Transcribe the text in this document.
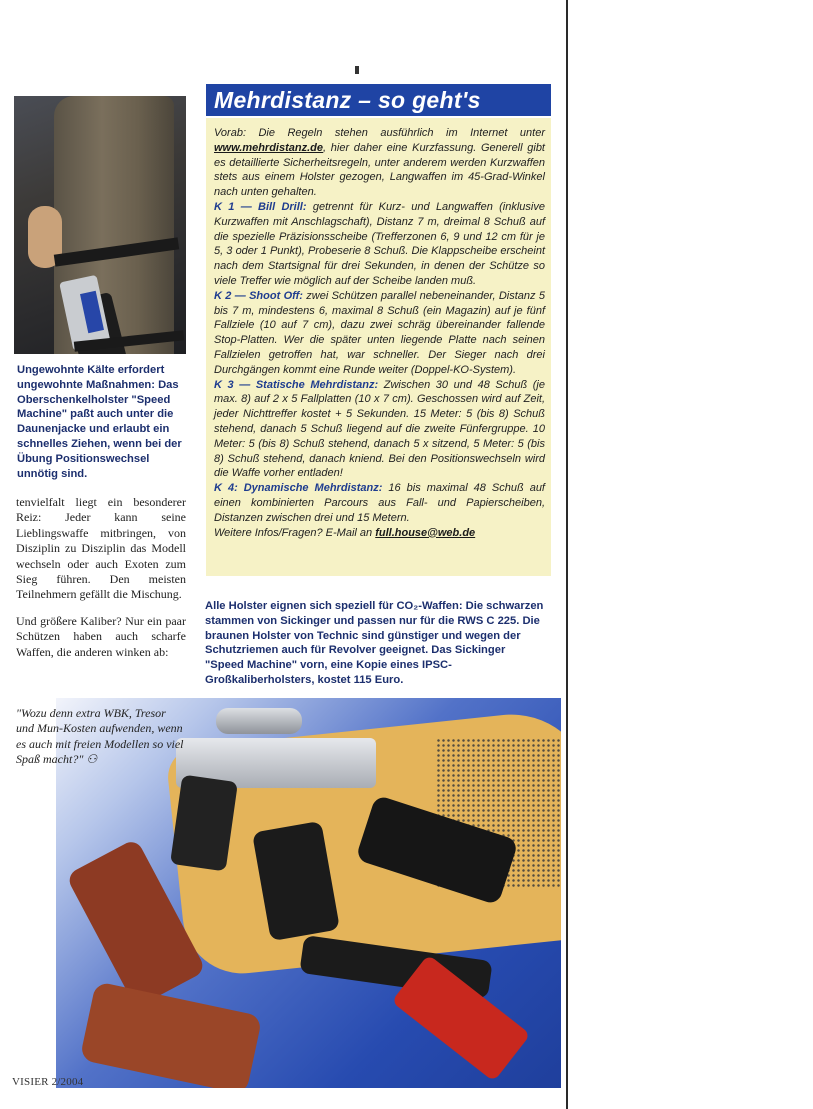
Ungewohnte Kälte erfordert ungewohnte Maßnahmen: Das Oberschenkelholster "Speed Machine" paßt auch unter die Daunenjacke und erlaubt ein schnelles Ziehen, wenn bei der Übung Positionswechsel unnötig sind.

tenvielfalt liegt ein besonderer Reiz: Jeder kann seine Lieblingswaffe mitbringen, von Disziplin zu Disziplin das Modell wechseln oder auch Exoten zum Sieg führen. Den meisten Teilnehmern gefällt die Mischung.

Und größere Kaliber? Nur ein paar Schützen haben auch scharfe Waffen, die anderen winken ab:

Mehrdistanz – so geht's

Vorab: Die Regeln stehen ausführlich im Internet unter www.mehrdistanz.de, hier daher eine Kurzfassung. Generell gibt es detaillierte Sicherheitsregeln, unter anderem werden Kurzwaffen stets aus einem Holster gezogen, Langwaffen im 45-Grad-Winkel nach unten gehalten.

K 1 — Bill Drill: getrennt für Kurz- und Langwaffen (inklusive Kurzwaffen mit Anschlagschaft), Distanz 7 m, dreimal 8 Schuß auf die spezielle Präzisionsscheibe (Trefferzonen 6, 9 und 12 cm für je 5, 3 oder 1 Punkt), Probeserie 8 Schuß. Die Klappscheibe erscheint nach dem Startsignal für drei Sekunden, in denen der Schütze so viele Treffer wie möglich auf der Scheibe landen muß.

K 2 — Shoot Off: zwei Schützen parallel nebeneinander, Distanz 5 bis 7 m, mindestens 6, maximal 8 Schuß (ein Magazin) auf je fünf Fallziele (10 auf 7 cm), dazu zwei schräg übereinander fallende Stop-Platten. Wer die später unten liegende Platte nach seinen Fallzielen getroffen hat, war schneller. Der Sieger nach drei Durchgängen kommt eine Runde weiter (Doppel-KO-System).

K 3 — Statische Mehrdistanz: Zwischen 30 und 48 Schuß (je max. 8) auf 2 x 5 Fallplatten (10 x 7 cm). Geschossen wird auf Zeit, jeder Nichttreffer kostet + 5 Sekunden. 15 Meter: 5 (bis 8) Schuß stehend, danach 5 Schuß liegend auf die zweite Fünfergruppe. 10 Meter: 5 (bis 8) Schuß stehend, danach 5 x sitzend, 5 Meter: 5 (bis 8) Schuß stehend, danach kniend. Bei den Positionswechseln wird die Waffe vorher entladen!

K 4: Dynamische Mehrdistanz: 16 bis maximal 48 Schuß auf einen kombinierten Parcours aus Fall- und Papierscheiben, Distanzen zwischen drei und 15 Metern.

Weitere Infos/Fragen? E-Mail an full.house@web.de

Alle Holster eignen sich speziell für CO₂-Waffen: Die schwarzen stammen von Sickinger und passen nur für die RWS C 225. Die braunen Holster von Technic sind günstiger und wegen der Schutzriemen auch für Revolver geeignet. Das Sickinger "Speed Machine" vorn, eine Kopie eines IPSC-Großkaliberholsters, kostet 115 Euro.
"Wozu denn extra WBK, Tresor und Mun-Kosten aufwenden, wenn es auch mit freien Modellen so viel Spaß macht?" ⚇
VISIER 2/2004
